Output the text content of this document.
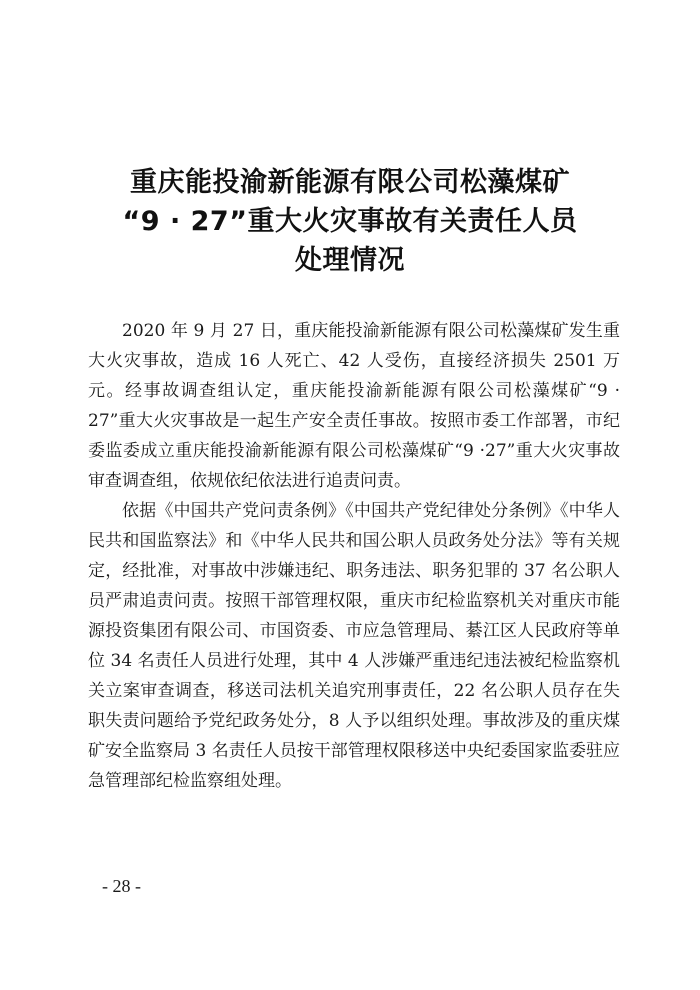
重庆能投渝新能源有限公司松藻煤矿
“9 · 27”重大火灾事故有关责任人员
处理情况

2020 年 9 月 27 日，重庆能投渝新能源有限公司松藻煤矿发生重大火灾事故，造成 16 人死亡、42 人受伤，直接经济损失 2501 万元。经事故调查组认定，重庆能投渝新能源有限公司松藻煤矿“9 · 27”重大火灾事故是一起生产安全责任事故。按照市委工作部署，市纪委监委成立重庆能投渝新能源有限公司松藻煤矿“9 ·27”重大火灾事故审查调查组，依规依纪依法进行追责问责。

依据《中国共产党问责条例》《中国共产党纪律处分条例》《中华人民共和国监察法》和《中华人民共和国公职人员政务处分法》等有关规定，经批准，对事故中涉嫌违纪、职务违法、职务犯罪的 37 名公职人员严肃追责问责。按照干部管理权限，重庆市纪检监察机关对重庆市能源投资集团有限公司、市国资委、市应急管理局、綦江区人民政府等单位 34 名责任人员进行处理，其中 4 人涉嫌严重违纪违法被纪检监察机关立案审查调查，移送司法机关追究刑事责任，22 名公职人员存在失职失责问题给予党纪政务处分，8 人予以组织处理。事故涉及的重庆煤矿安全监察局 3 名责任人员按干部管理权限移送中央纪委国家监委驻应急管理部纪检监察组处理。

- 28 -
